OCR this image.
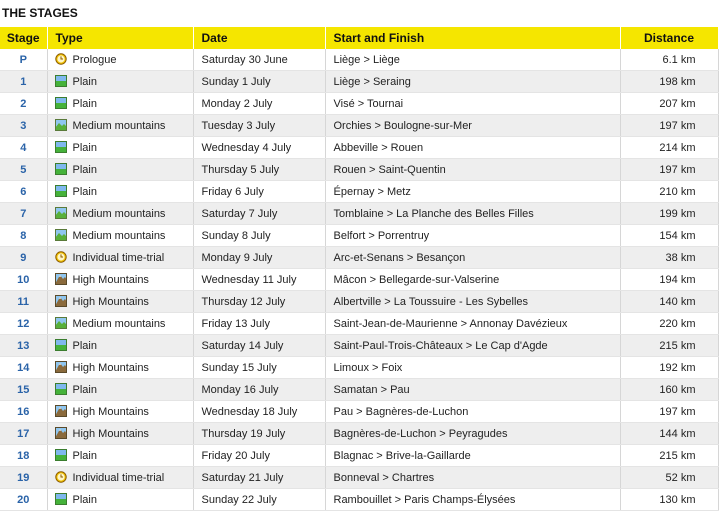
THE STAGES
Stage	Type	Date	Start and Finish	Distance
P	Prologue	Saturday 30 June	Liège > Liège	6.1 km
1	Plain	Sunday 1 July	Liège > Seraing	198 km
2	Plain	Monday 2 July	Visé > Tournai	207 km
3	Medium mountains	Tuesday 3 July	Orchies > Boulogne-sur-Mer	197 km
4	Plain	Wednesday 4 July	Abbeville > Rouen	214 km
5	Plain	Thursday 5 July	Rouen > Saint-Quentin	197 km
6	Plain	Friday 6 July	Épernay > Metz	210 km
7	Medium mountains	Saturday 7 July	Tomblaine > La Planche des Belles Filles	199 km
8	Medium mountains	Sunday 8 July	Belfort > Porrentruy	154 km
9	Individual time-trial	Monday 9 July	Arc-et-Senans > Besançon	38 km
10	High Mountains	Wednesday 11 July	Mâcon > Bellegarde-sur-Valserine	194 km
11	High Mountains	Thursday 12 July	Albertville > La Toussuire - Les Sybelles	140 km
12	Medium mountains	Friday 13 July	Saint-Jean-de-Maurienne > Annonay Davézieux	220 km
13	Plain	Saturday 14 July	Saint-Paul-Trois-Châteaux > Le Cap d'Agde	215 km
14	High Mountains	Sunday 15 July	Limoux > Foix	192 km
15	Plain	Monday 16 July	Samatan > Pau	160 km
16	High Mountains	Wednesday 18 July	Pau > Bagnères-de-Luchon	197 km
17	High Mountains	Thursday 19 July	Bagnères-de-Luchon > Peyragudes	144 km
18	Plain	Friday 20 July	Blagnac > Brive-la-Gaillarde	215 km
19	Individual time-trial	Saturday 21 July	Bonneval > Chartres	52 km
20	Plain	Sunday 22 July	Rambouillet > Paris Champs-Élysées	130 km
